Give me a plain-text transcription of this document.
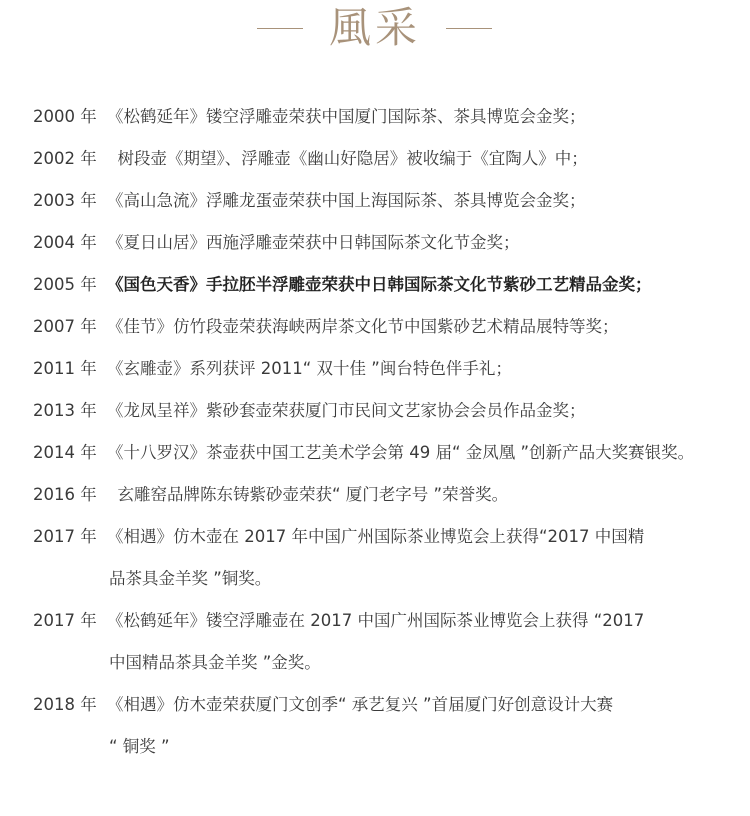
風采
2000 年 《松鹤延年》镂空浮雕壶荣获中国厦门国际茶、茶具博览会金奖；
2002 年 树段壶《期望》、浮雕壶《幽山好隐居》被收编于《宜陶人》中；
2003 年 《高山急流》浮雕龙蛋壶荣获中国上海国际茶、茶具博览会金奖；
2004 年 《夏日山居》西施浮雕壶荣获中日韩国际茶文化节金奖；
2005 年 《国色天香》手拉胚半浮雕壶荣获中日韩国际茶文化节紫砂工艺精品金奖；
2007 年 《佳节》仿竹段壶荣获海峡两岸茶文化节中国紫砂艺术精品展特等奖；
2011 年 《玄雕壶》系列获评 2011“ 双十佳 ”闽台特色伴手礼；
2013 年 《龙凤呈祥》紫砂套壶荣获厦门市民间文艺家协会会员作品金奖；
2014 年 《十八罗汉》茶壶获中国工艺美术学会第 49 届“ 金凤凰 ”创新产品大奖赛银奖。
2016 年 玄雕窑品牌陈东铸紫砂壶荣获“ 厦门老字号 ”荣誉奖。
2017 年 《相遇》仿木壶在 2017 年中国广州国际茶业博览会上获得“2017 中国精
品茶具金羊奖 ”铜奖。
2017 年 《松鹤延年》镂空浮雕壶在 2017 中国广州国际茶业博览会上获得 “2017
中国精品茶具金羊奖 ”金奖。
2018 年 《相遇》仿木壶荣获厦门文创季“ 承艺复兴 ”首届厦门好创意设计大赛
“ 铜奖 ”
